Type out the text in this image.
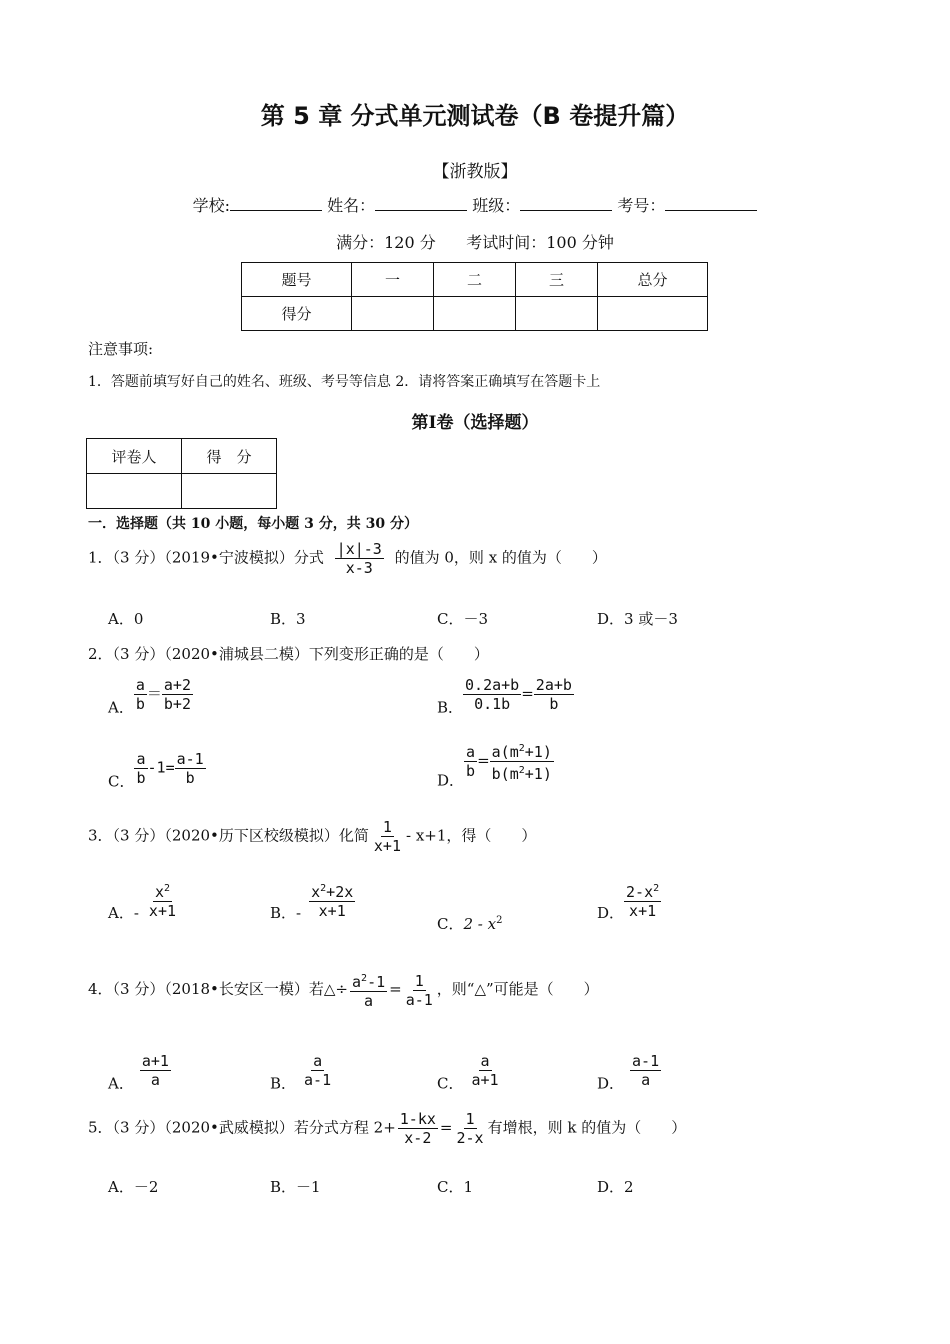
第 5 章 分式单元测试卷（B 卷提升篇）
【浙教版】
学校:	姓名：	班级：	考号：
满分：120 分      考试时间：100 分钟
题号	一	二	三	总分
得分				
注意事项:
1．答题前填写好自己的姓名、班级、考号等信息 2．请将答案正确填写在答题卡上
第Ⅰ卷（选择题）
评卷人	得　分

一．选择题（共 10 小题，每小题 3 分，共 30 分）
1．（3 分）（2019•宁波模拟）分式 $\frac{|x|-3}{x-3}$ 的值为 0，则 x 的值为（　　）
A．0	B．3	C．－3	D．3 或－3
2．（3 分）（2020•浦城县二模）下列变形正确的是（　　）
A． $\frac{a}{b} = \frac{a+2}{b+2}$	B． $\frac{0.2a+b}{0.1b} = \frac{2a+b}{b}$
C． $\frac{a}{b} -1= \frac{a-1}{b}$	D．
$\frac{a}{b} = \frac{a(m^2+1)}{b(m^2+1)}$
3．（3 分）（2020•历下区校级模拟）化简 $\frac{1}{x+1} - x+1$，得（　　）
A．- $\frac{x^2}{x+1}$	B．- $\frac{x^2+2x}{x+1}$
C．$2 - x^2$	D． $\frac{2-x^2}{x+1}$
4．（3 分）（2018•长安区一模）若△÷ $\frac{a^2-1}{a} = \frac{1}{a-1}$ ，则“△”可能是（　　）
A． $\frac{a+1}{a}$	B． $\frac{a}{a-1}$	C． $\frac{a}{a+1}$	D． $\frac{a-1}{a}$
5．（3 分）（2020•武威模拟）若分式方程 $2+ \frac{1-kx}{x-2} = \frac{1}{2-x}$ 有增根，则 k 的值为（　　）
A．－2	B．－1	C．1	D．2
